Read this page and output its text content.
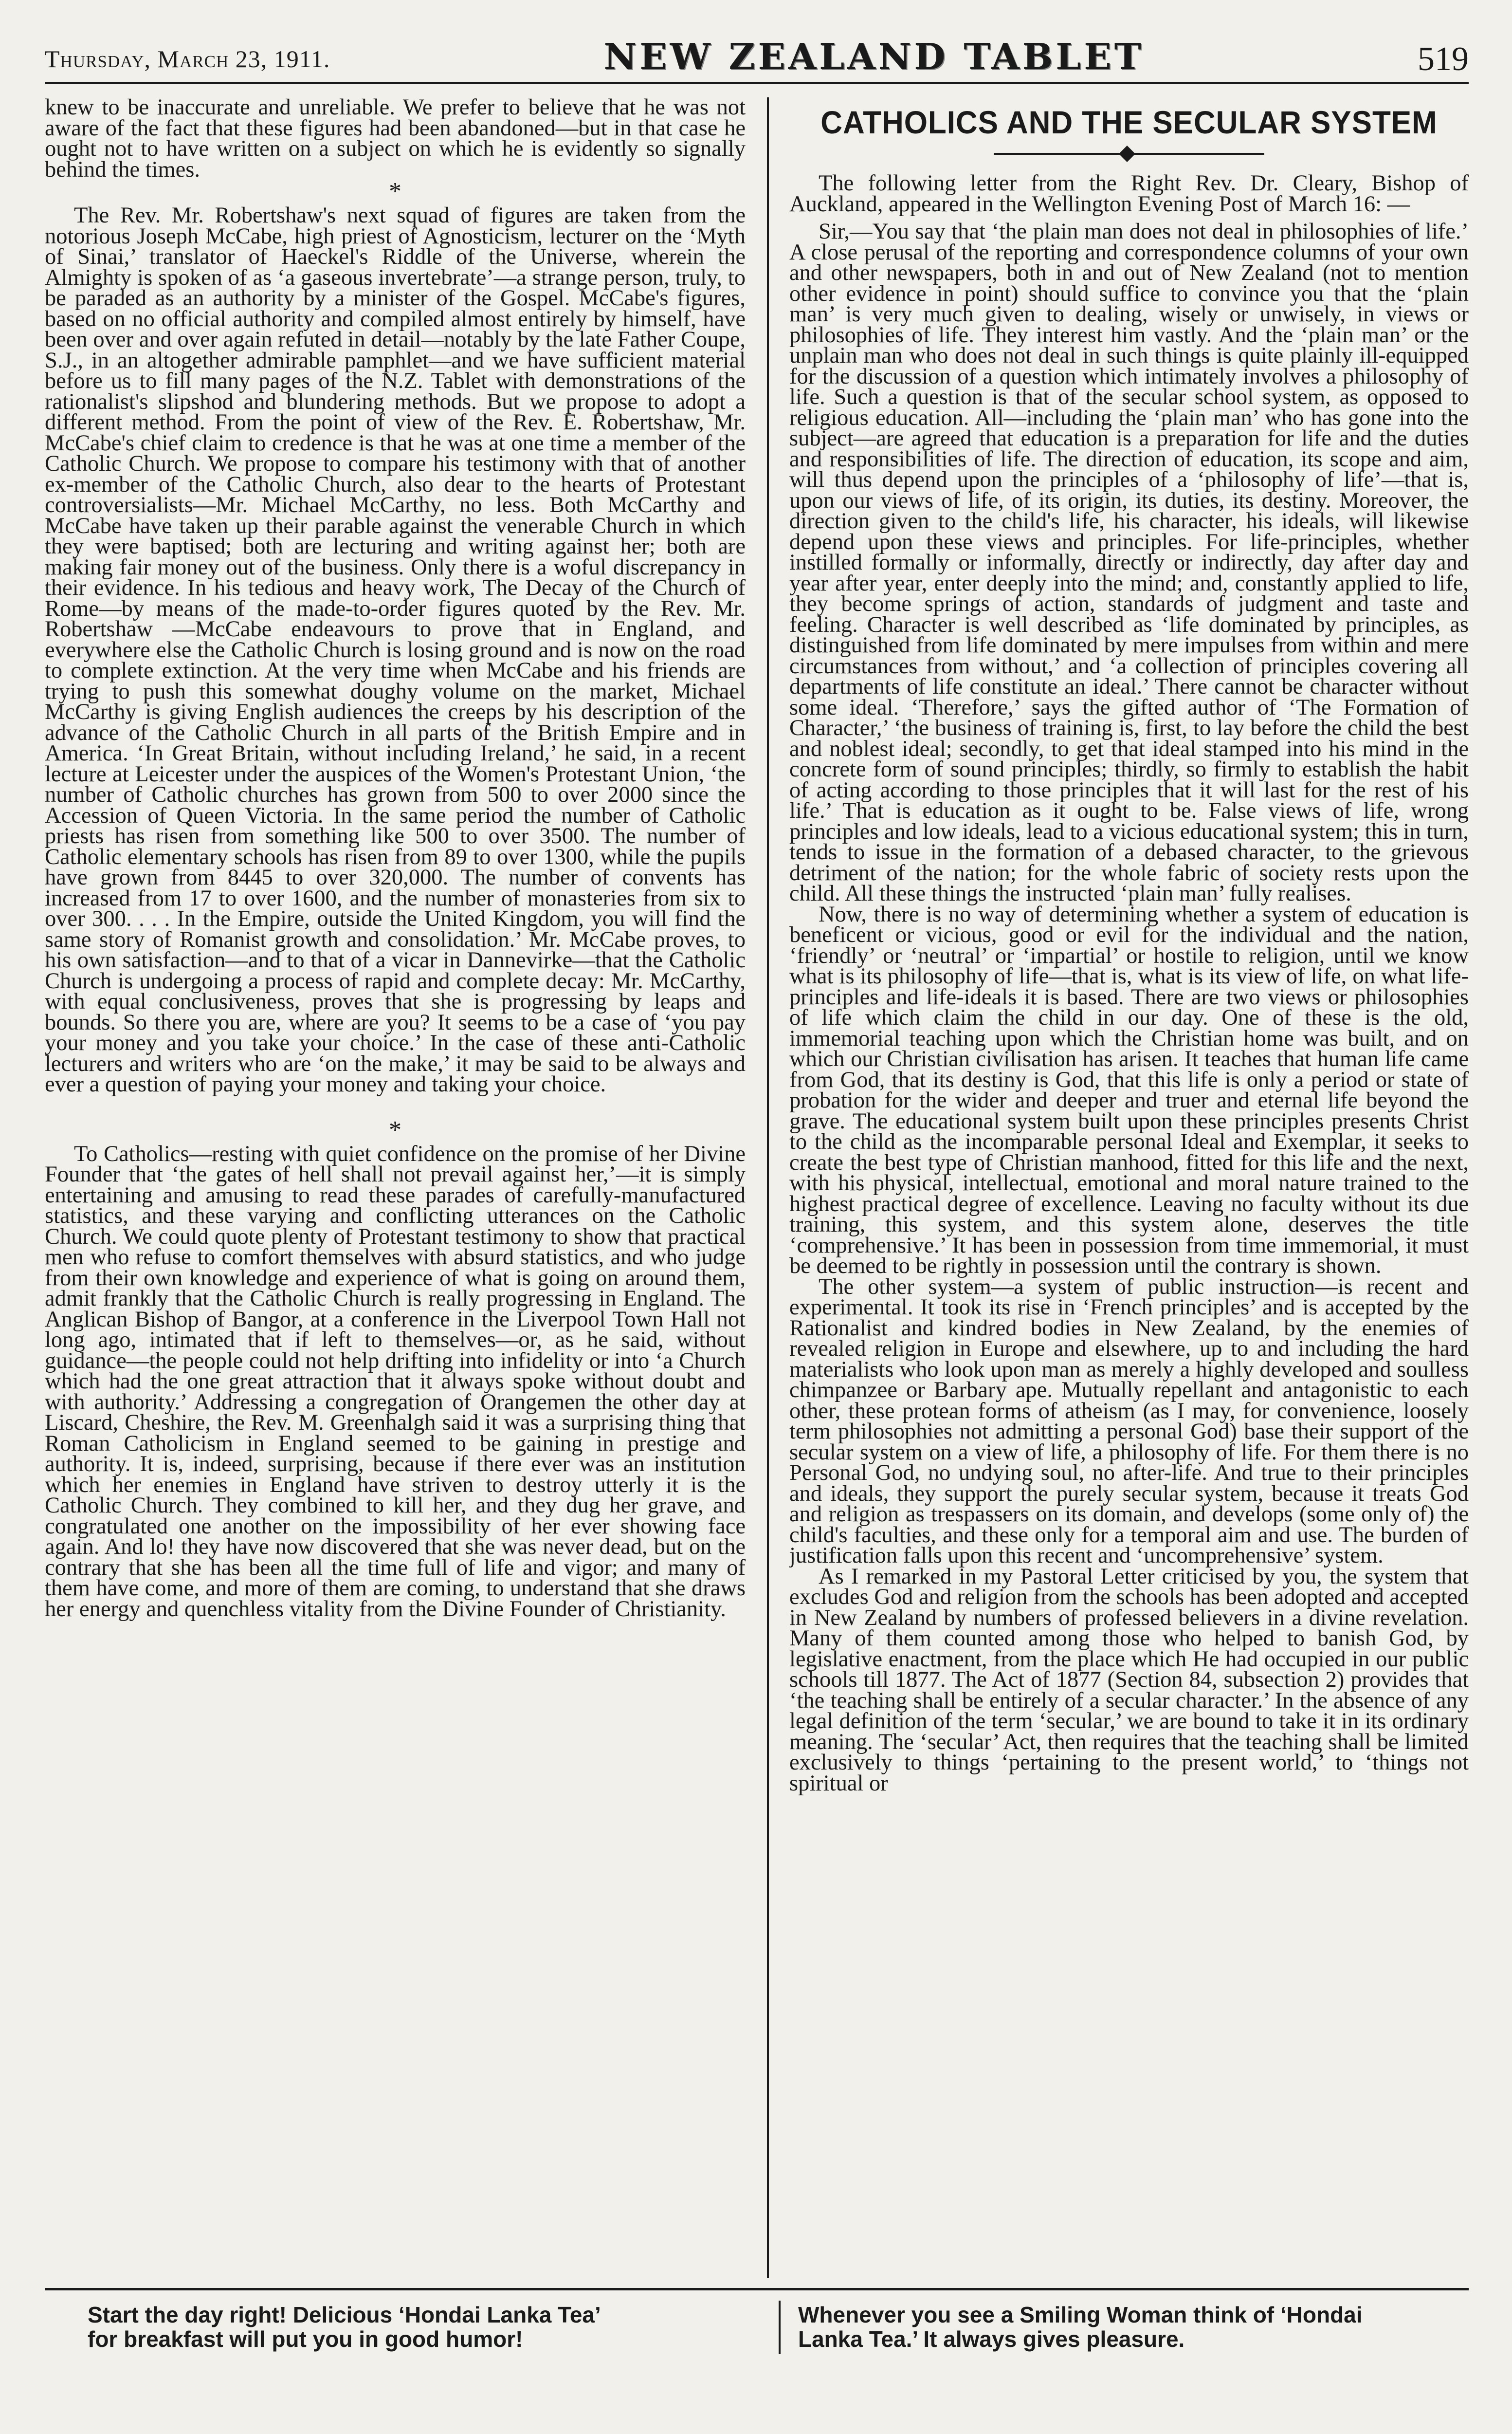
Thursday, March 23, 1911.	NEW ZEALAND TABLET	519

knew to be inaccurate and unreliable. We prefer to believe that he was not aware of the fact that these figures had been abandoned—but in that case he ought not to have written on a subject on which he is evidently so signally behind the times.

*

The Rev. Mr. Robertshaw's next squad of figures are taken from the notorious Joseph McCabe, high priest of Agnosticism, lecturer on the ‘Myth of Sinai,’ translator of Haeckel's Riddle of the Universe, wherein the Almighty is spoken of as ‘a gaseous invertebrate’—a strange person, truly, to be paraded as an authority by a minister of the Gospel. McCabe's figures, based on no official authority and compiled almost entirely by himself, have been over and over again refuted in detail—notably by the late Father Coupe, S.J., in an altogether admirable pamphlet—and we have sufficient material before us to fill many pages of the N.Z. Tablet with demonstrations of the rationalist's slipshod and blundering methods. But we propose to adopt a different method. From the point of view of the Rev. E. Robertshaw, Mr. McCabe's chief claim to credence is that he was at one time a member of the Catholic Church. We propose to compare his testimony with that of another ex-member of the Catholic Church, also dear to the hearts of Protestant controversialists—Mr. Michael McCarthy, no less. Both McCarthy and McCabe have taken up their parable against the venerable Church in which they were baptised; both are lecturing and writing against her; both are making fair money out of the business. Only there is a woful discrepancy in their evidence. In his tedious and heavy work, The Decay of the Church of Rome—by means of the made-to-order figures quoted by the Rev. Mr. Robertshaw —McCabe endeavours to prove that in England, and everywhere else the Catholic Church is losing ground and is now on the road to complete extinction. At the very time when McCabe and his friends are trying to push this somewhat doughy volume on the market, Michael McCarthy is giving English audiences the creeps by his description of the advance of the Catholic Church in all parts of the British Empire and in America. ‘In Great Britain, without including Ireland,’ he said, in a recent lecture at Leicester under the auspices of the Women's Protestant Union, ‘the number of Catholic churches has grown from 500 to over 2000 since the Accession of Queen Victoria. In the same period the number of Catholic priests has risen from something like 500 to over 3500. The number of Catholic elementary schools has risen from 89 to over 1300, while the pupils have grown from 8445 to over 320,000. The number of convents has increased from 17 to over 1600, and the number of monasteries from six to over 300. . . . In the Empire, outside the United Kingdom, you will find the same story of Romanist growth and consolidation.’ Mr. McCabe proves, to his own satisfaction—and to that of a vicar in Dannevirke—that the Catholic Church is undergoing a process of rapid and complete decay: Mr. McCarthy, with equal conclusiveness, proves that she is progressing by leaps and bounds. So there you are, where are you? It seems to be a case of ‘you pay your money and you take your choice.’ In the case of these anti-Catholic lecturers and writers who are ‘on the make,’ it may be said to be always and ever a question of paying your money and taking your choice.

*

To Catholics—resting with quiet confidence on the promise of her Divine Founder that ‘the gates of hell shall not prevail against her,’—it is simply entertaining and amusing to read these parades of carefully-manufactured statistics, and these varying and conflicting utterances on the Catholic Church. We could quote plenty of Protestant testimony to show that practical men who refuse to comfort themselves with absurd statistics, and who judge from their own knowledge and experience of what is going on around them, admit frankly that the Catholic Church is really progressing in England. The Anglican Bishop of Bangor, at a conference in the Liverpool Town Hall not long ago, intimated that if left to themselves—or, as he said, without guidance—the people could not help drifting into infidelity or into ‘a Church which had the one great attraction that it always spoke without doubt and with authority.’ Addressing a congregation of Orangemen the other day at Liscard, Cheshire, the Rev. M. Greenhalgh said it was a surprising thing that Roman Catholicism in England seemed to be gaining in prestige and authority. It is, indeed, surprising, because if there ever was an institution which her enemies in England have striven to destroy utterly it is the Catholic Church. They combined to kill her, and they dug her grave, and congratulated one another on the impossibility of her ever showing face again. And lo! they have now discovered that she was never dead, but on the contrary that she has been all the time full of life and vigor; and many of them have come, and more of them are coming, to understand that she draws her energy and quenchless vitality from the Divine Founder of Christianity.

CATHOLICS AND THE SECULAR SYSTEM

The following letter from the Right Rev. Dr. Cleary, Bishop of Auckland, appeared in the Wellington Evening Post of March 16: —

Sir,—You say that ‘the plain man does not deal in philosophies of life.’ A close perusal of the reporting and correspondence columns of your own and other newspapers, both in and out of New Zealand (not to mention other evidence in point) should suffice to convince you that the ‘plain man’ is very much given to dealing, wisely or unwisely, in views or philosophies of life. They interest him vastly. And the ‘plain man’ or the unplain man who does not deal in such things is quite plainly ill-equipped for the discussion of a question which intimately involves a philosophy of life. Such a question is that of the secular school system, as opposed to religious education. All—including the ‘plain man’ who has gone into the subject—are agreed that education is a preparation for life and the duties and responsibilities of life. The direction of education, its scope and aim, will thus depend upon the principles of a ‘philosophy of life’—that is, upon our views of life, of its origin, its duties, its destiny. Moreover, the direction given to the child's life, his character, his ideals, will likewise depend upon these views and principles. For life-principles, whether instilled formally or informally, directly or indirectly, day after day and year after year, enter deeply into the mind; and, constantly applied to life, they become springs of action, standards of judgment and taste and feeling. Character is well described as ‘life dominated by principles, as distinguished from life dominated by mere impulses from within and mere circumstances from without,’ and ‘a collection of principles covering all departments of life constitute an ideal.’ There cannot be character without some ideal. ‘Therefore,’ says the gifted author of ‘The Formation of Character,’ ‘the business of training is, first, to lay before the child the best and noblest ideal; secondly, to get that ideal stamped into his mind in the concrete form of sound principles; thirdly, so firmly to establish the habit of acting according to those principles that it will last for the rest of his life.’ That is education as it ought to be. False views of life, wrong principles and low ideals, lead to a vicious educational system; this in turn, tends to issue in the formation of a debased character, to the grievous detriment of the nation; for the whole fabric of society rests upon the child. All these things the instructed ‘plain man’ fully realises.

Now, there is no way of determining whether a system of education is beneficent or vicious, good or evil for the individual and the nation, ‘friendly’ or ‘neutral’ or ‘impartial’ or hostile to religion, until we know what is its philosophy of life—that is, what is its view of life, on what life-principles and life-ideals it is based. There are two views or philosophies of life which claim the child in our day. One of these is the old, immemorial teaching upon which the Christian home was built, and on which our Christian civilisation has arisen. It teaches that human life came from God, that its destiny is God, that this life is only a period or state of probation for the wider and deeper and truer and eternal life beyond the grave. The educational system built upon these principles presents Christ to the child as the incomparable personal Ideal and Exemplar, it seeks to create the best type of Christian manhood, fitted for this life and the next, with his physical, intellectual, emotional and moral nature trained to the highest practical degree of excellence. Leaving no faculty without its due training, this system, and this system alone, deserves the title ‘comprehensive.’ It has been in possession from time immemorial, it must be deemed to be rightly in possession until the contrary is shown.

The other system—a system of public instruction—is recent and experimental. It took its rise in ‘French principles’ and is accepted by the Rationalist and kindred bodies in New Zealand, by the enemies of revealed religion in Europe and elsewhere, up to and including the hard materialists who look upon man as merely a highly developed and soulless chimpanzee or Barbary ape. Mutually repellant and antagonistic to each other, these protean forms of atheism (as I may, for convenience, loosely term philosophies not admitting a personal God) base their support of the secular system on a view of life, a philosophy of life. For them there is no Personal God, no undying soul, no after-life. And true to their principles and ideals, they support the purely secular system, because it treats God and religion as trespassers on its domain, and develops (some only of) the child's faculties, and these only for a temporal aim and use. The burden of justification falls upon this recent and ‘uncomprehensive’ system.

As I remarked in my Pastoral Letter criticised by you, the system that excludes God and religion from the schools has been adopted and accepted in New Zealand by numbers of professed believers in a divine revelation. Many of them counted among those who helped to banish God, by legislative enactment, from the place which He had occupied in our public schools till 1877. The Act of 1877 (Section 84, subsection 2) provides that ‘the teaching shall be entirely of a secular character.’ In the absence of any legal definition of the term ‘secular,’ we are bound to take it in its ordinary meaning. The ‘secular’ Act, then requires that the teaching shall be limited exclusively to things ‘pertaining to the present world,’ to ‘things not spiritual or

Start the day right! Delicious ‘Hondai Lanka Tea’
for breakfast will put you in good humor!
Whenever you see a Smiling Woman think of ‘Hondai
Lanka Tea.’ It always gives pleasure.
